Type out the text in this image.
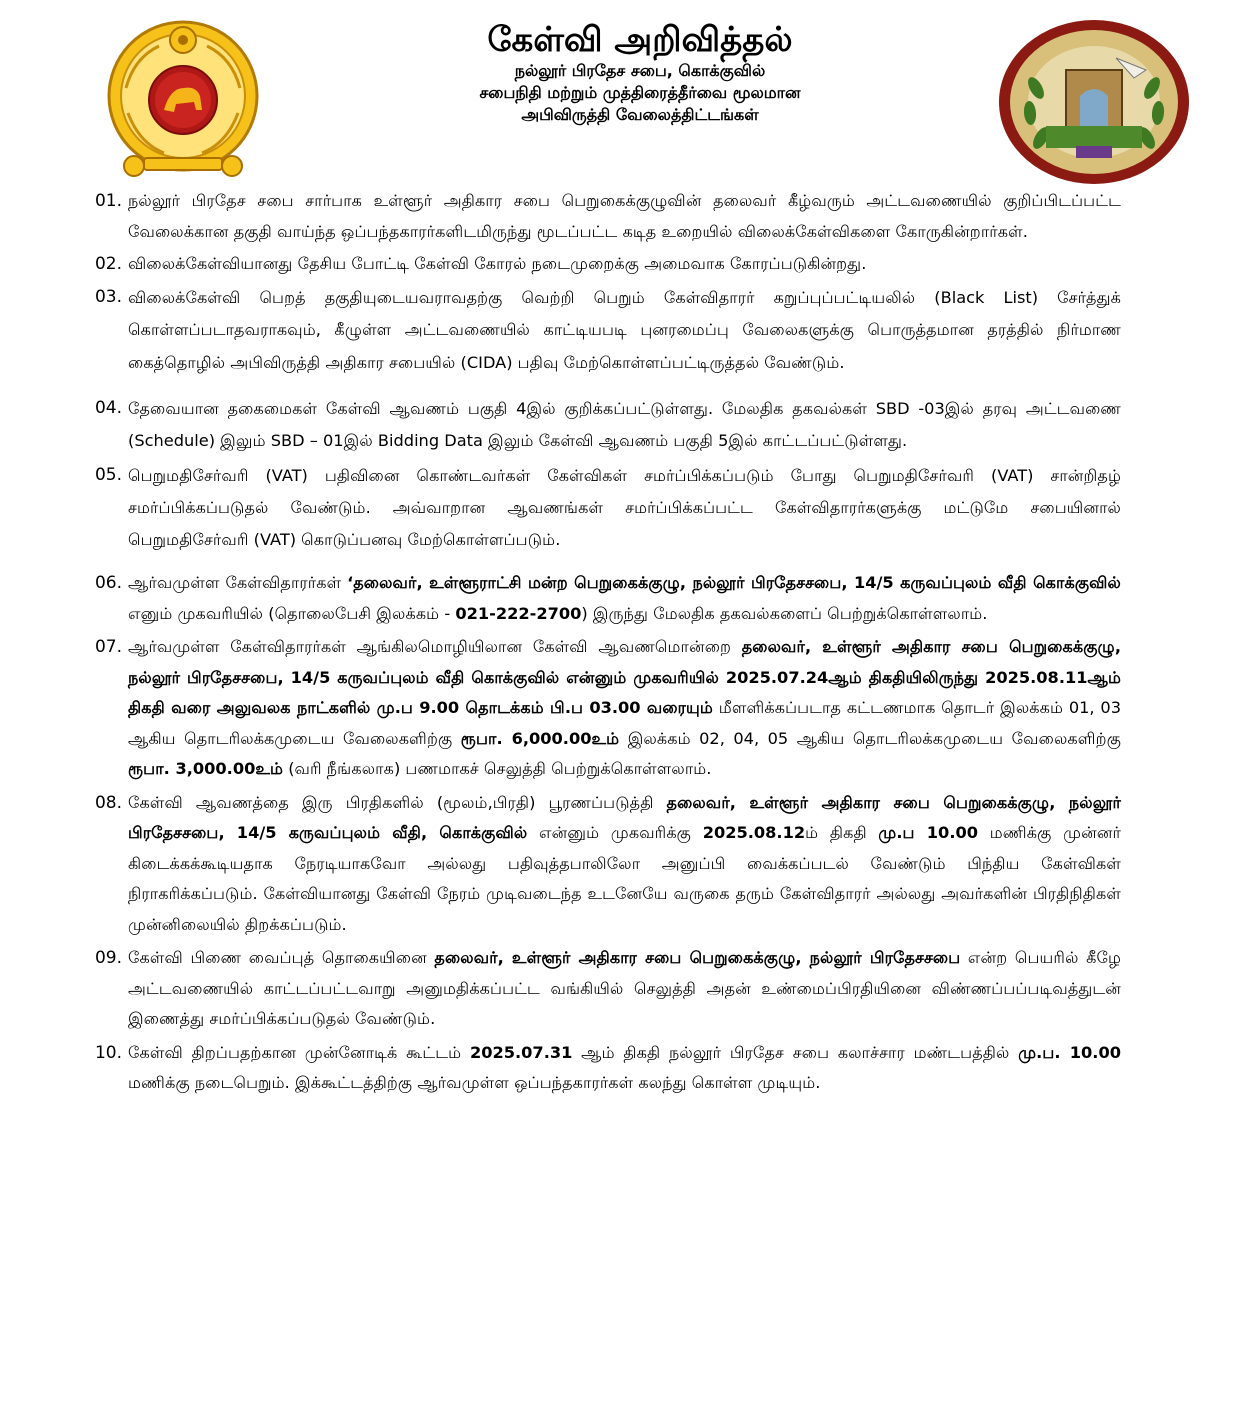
கேள்வி அறிவித்தல்

நல்லூர் பிரதேச சபை, கொக்குவில்

சபைநிதி மற்றும் முத்திரைத்தீர்வை மூலமான

அபிவிருத்தி வேலைத்திட்டங்கள்

01. நல்லூர் பிரதேச சபை சார்பாக உள்ளூர் அதிகார சபை பெறுகைக்குழுவின் தலைவர் கீழ்வரும் அட்டவணையில் குறிப்பிடப்பட்ட வேலைக்கான தகுதி வாய்ந்த ஒப்பந்தகாரர்களிடமிருந்து மூடப்பட்ட கடித உறையில் விலைக்கேள்விகளை கோருகின்றார்கள்.
02. விலைக்கேள்வியானது தேசிய போட்டி கேள்வி கோரல் நடைமுறைக்கு அமைவாக கோரப்படுகின்றது.
03. விலைக்கேள்வி பெறத் தகுதியுடையவராவதற்கு வெற்றி பெறும் கேள்விதாரர் கறுப்புப்பட்டியலில் (Black List) சேர்த்துக் கொள்ளப்படாதவராகவும், கீழுள்ள அட்டவணையில் காட்டியபடி புனரமைப்பு வேலைகளுக்கு பொருத்தமான தரத்தில் நிர்மாண கைத்தொழில் அபிவிருத்தி அதிகார சபையில் (CIDA) பதிவு மேற்கொள்ளப்பட்டிருத்தல் வேண்டும்.
04. தேவையான தகைமைகள் கேள்வி ஆவணம் பகுதி 4இல் குறிக்கப்பட்டுள்ளது. மேலதிக தகவல்கள் SBD -03இல் தரவு அட்டவணை (Schedule) இலும் SBD – 01இல் Bidding Data இலும் கேள்வி ஆவணம் பகுதி 5இல் காட்டப்பட்டுள்ளது.
05. பெறுமதிசேர்வரி (VAT) பதிவினை கொண்டவர்கள் கேள்விகள் சமர்ப்பிக்கப்படும் போது பெறுமதிசேர்வரி (VAT) சான்றிதழ் சமர்ப்பிக்கப்படுதல் வேண்டும். அவ்வாறான ஆவணங்கள் சமர்ப்பிக்கப்பட்ட கேள்விதாரர்களுக்கு மட்டுமே சபையினால் பெறுமதிசேர்வரி (VAT) கொடுப்பனவு மேற்கொள்ளப்படும்.
06. ஆர்வமுள்ள கேள்விதாரர்கள் ‘தலைவர், உள்ளூராட்சி மன்ற பெறுகைக்குழு, நல்லூர் பிரதேசசபை, 14/5 கருவப்புலம் வீதி கொக்குவில் எனும் முகவரியில் (தொலைபேசி இலக்கம் - 021-222-2700) இருந்து மேலதிக தகவல்களைப் பெற்றுக்கொள்ளலாம்.
07. ஆர்வமுள்ள கேள்விதாரர்கள் ஆங்கிலமொழியிலான கேள்வி ஆவணமொன்றை தலைவர், உள்ளூர் அதிகார சபை பெறுகைக்குழு, நல்லூர் பிரதேசசபை, 14/5 கருவப்புலம் வீதி கொக்குவில் என்னும் முகவரியில் 2025.07.24ஆம் திகதியிலிருந்து 2025.08.11ஆம் திகதி வரை அலுவலக நாட்களில் மு.ப 9.00 தொடக்கம் பி.ப 03.00 வரையும் மீளளிக்கப்படாத கட்டணமாக தொடர் இலக்கம் 01, 03 ஆகிய தொடரிலக்கமுடைய வேலைகளிற்கு ரூபா. 6,000.00உம் இலக்கம் 02, 04, 05 ஆகிய தொடரிலக்கமுடைய வேலைகளிற்கு ரூபா. 3,000.00உம் (வரி நீங்கலாக) பணமாகச் செலுத்தி பெற்றுக்கொள்ளலாம்.
08. கேள்வி ஆவணத்தை இரு பிரதிகளில் (மூலம்,பிரதி) பூரணப்படுத்தி தலைவர், உள்ளூர் அதிகார சபை பெறுகைக்குழு, நல்லூர் பிரதேசசபை, 14/5 கருவப்புலம் வீதி, கொக்குவில் என்னும் முகவரிக்கு 2025.08.12ம் திகதி மு.ப 10.00 மணிக்கு முன்னர் கிடைக்கக்கூடியதாக நேரடியாகவோ அல்லது பதிவுத்தபாலிலோ அனுப்பி வைக்கப்படல் வேண்டும் பிந்திய கேள்விகள் நிராகரிக்கப்படும். கேள்வியானது கேள்வி நேரம் முடிவடைந்த உடனேயே வருகை தரும் கேள்விதாரர் அல்லது அவர்களின் பிரதிநிதிகள் முன்னிலையில் திறக்கப்படும்.
09. கேள்வி பிணை வைப்புத் தொகையினை தலைவர், உள்ளூர் அதிகார சபை பெறுகைக்குழு, நல்லூர் பிரதேசசபை என்ற பெயரில் கீழே அட்டவணையில் காட்டப்பட்டவாறு அனுமதிக்கப்பட்ட வங்கியில் செலுத்தி அதன் உண்மைப்பிரதியினை விண்ணப்பப்படிவத்துடன் இணைத்து சமர்ப்பிக்கப்படுதல் வேண்டும்.
10. கேள்வி திறப்பதற்கான முன்னோடிக் கூட்டம் 2025.07.31 ஆம் திகதி நல்லூர் பிரதேச சபை கலாச்சார மண்டபத்தில் மு.ப. 10.00 மணிக்கு நடைபெறும். இக்கூட்டத்திற்கு ஆர்வமுள்ள ஒப்பந்தகாரர்கள் கலந்து கொள்ள முடியும்.
